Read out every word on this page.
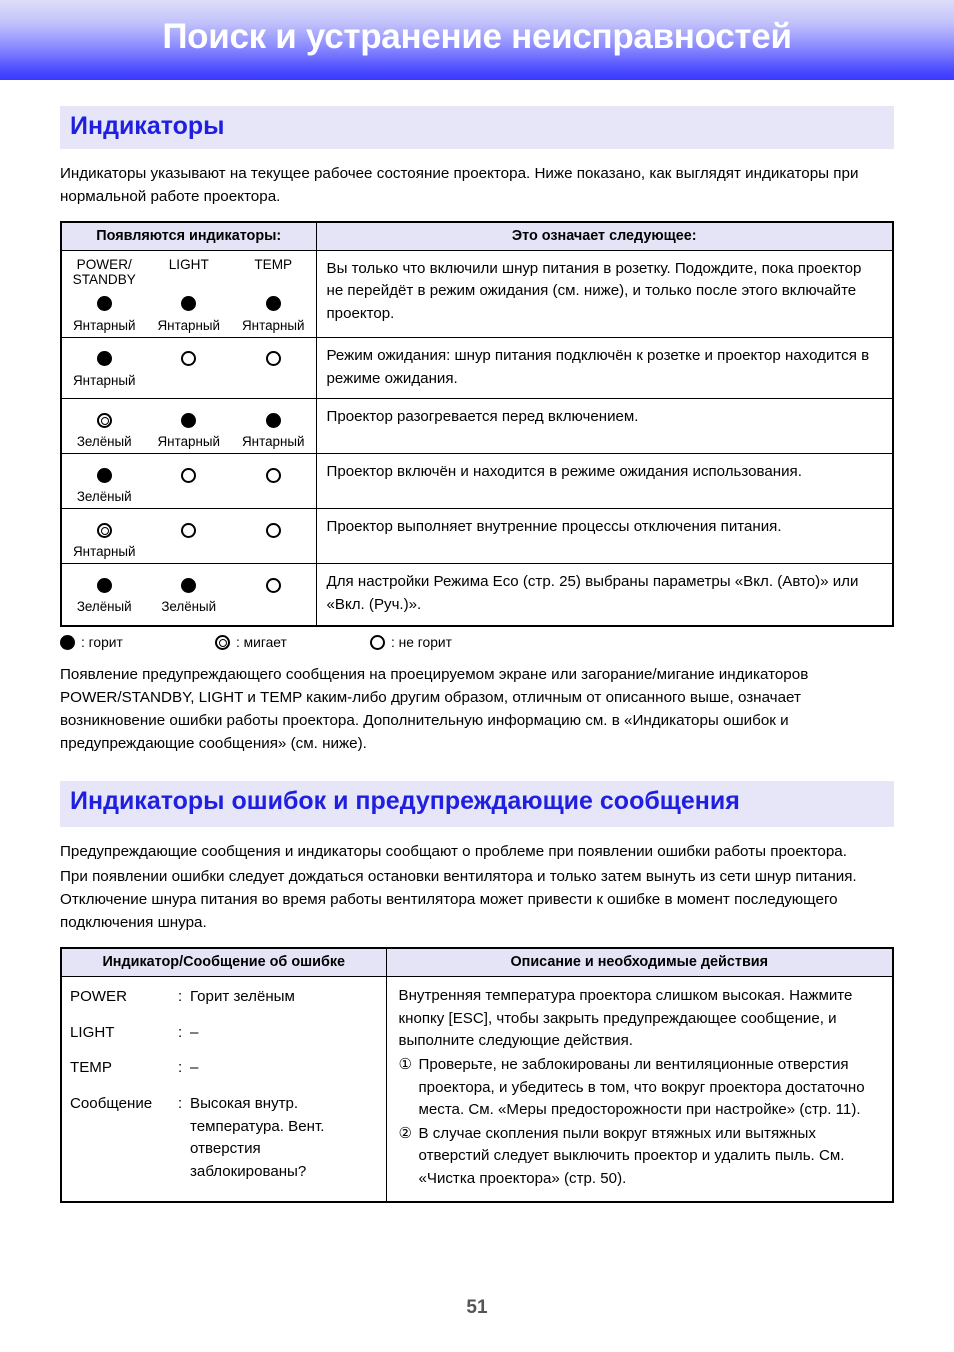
Поиск и устранение неисправностей
Индикаторы

Индикаторы указывают на текущее рабочее состояние проектора. Ниже показано, как выглядят индикаторы при нормальной работе проектора.

Появляются индикаторы:	Это означает следующее:

POWER/
STANDBY
LIGHT	TEMP
Янтарный	Янтарный	Янтарный
	Вы только что включили шнур питания в розетку. Подождите, пока проектор не перейдёт в режим ожидания (см. ниже), и только после этого включайте проектор.

Янтарный	Режим ожидания: шнур питания подключён к розетке и проектор находится в режиме ожидания.

Зелёный Янтарный Янтарный	Проектор разогревается перед включением.

Зелёный	Проектор включён и находится в режиме ожидания использования.

Янтарный	Проектор выполняет внутренние процессы отключения питания.

Зелёный Зелёный	Для настройки Режима Eco (стр. 25) выбраны параметры «Вкл. (Авто)» или «Вкл. (Руч.)».
: горит	: мигает	: не горит

Появление предупреждающего сообщения на проецируемом экране или загорание/мигание индикаторов POWER/STANDBY, LIGHT и TEMP каким-либо другим образом, отличным от описанного выше, означает возникновение ошибки работы проектора. Дополнительную информацию см. в «Индикаторы ошибок и предупреждающие сообщения» (см. ниже).

Индикаторы ошибок и предупреждающие сообщения

Предупреждающие сообщения и индикаторы сообщают о проблеме при появлении ошибки работы проектора.

При появлении ошибки следует дождаться остановки вентилятора и только затем вынуть из сети шнур питания. Отключение шнура питания во время работы вентилятора может привести к ошибке в момент последующего подключения шнура.

Индикатор/Сообщение об ошибке	Описание и необходимые действия

POWER	: Горит зелёным
LIGHT	: –
TEMP	: –
Сообщение	: Высокая внутр. температура. Вент. отверстия заблокированы?

Внутренняя температура проектора слишком высокая. Нажмите кнопку [ESC], чтобы закрыть предупреждающее сообщение, и выполните следующие действия.

① Проверьте, не заблокированы ли вентиляционные отверстия проектора, и убедитесь в том, что вокруг проектора достаточно места. См. «Меры предосторожности при настройке» (стр. 11).
② В случае скопления пыли вокруг втяжных или вытяжных отверстий следует выключить проектор и удалить пыль. См. «Чистка проектора» (стр. 50).
51
